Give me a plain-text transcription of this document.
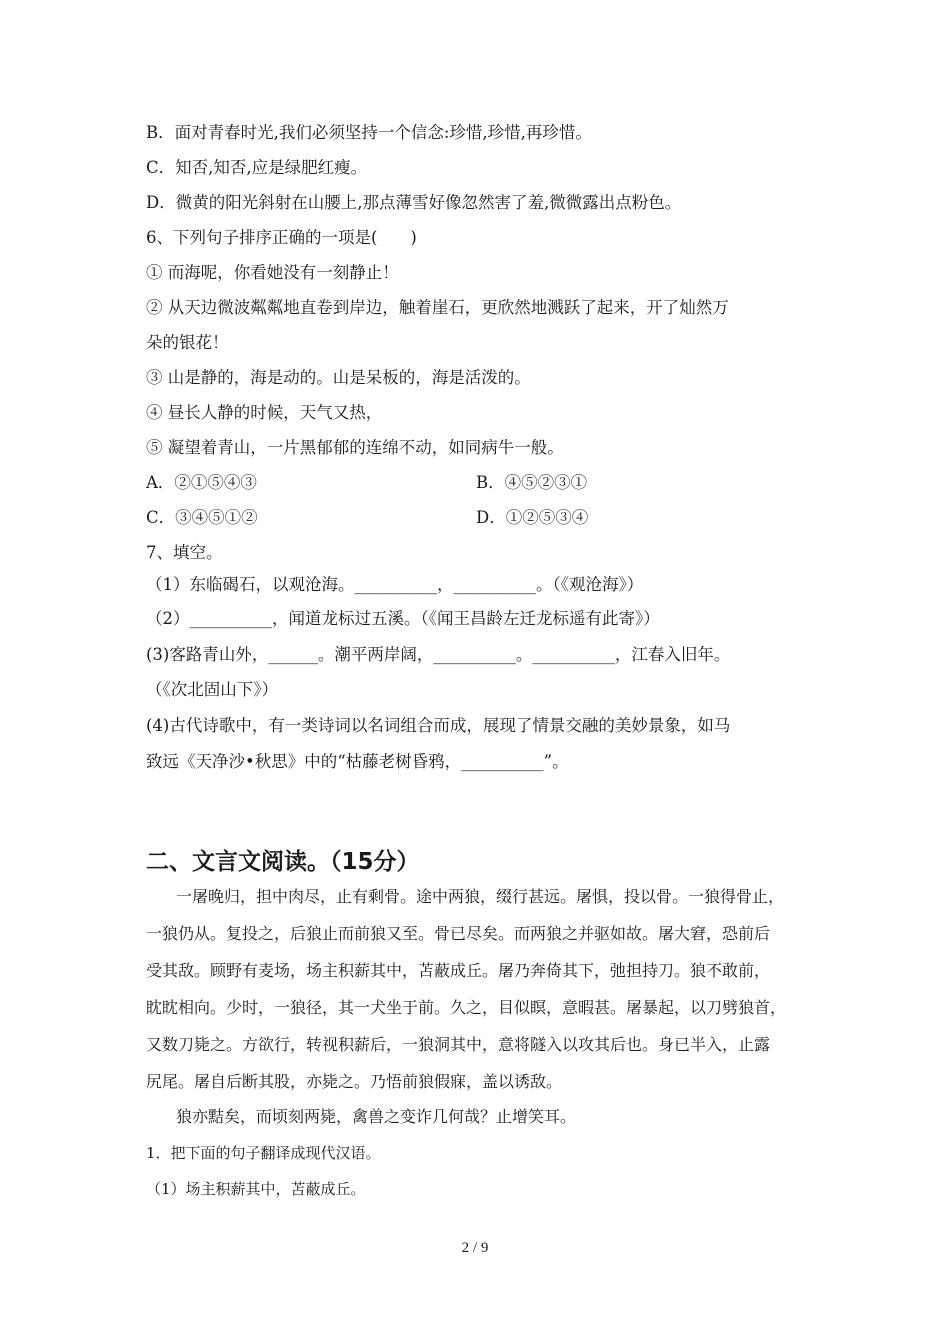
B．面对青春时光,我们必须坚持一个信念:珍惜,珍惜,再珍惜。
C．知否,知否,应是绿肥红瘦。
D．微黄的阳光斜射在山腰上,那点薄雪好像忽然害了羞,微微露出点粉色。
6、下列句子排序正确的一项是(　　)
① 而海呢，你看她没有一刻静止！
② 从天边微波粼粼地直卷到岸边，触着崖石，更欣然地溅跃了起来，开了灿然万
朵的银花！
③ 山是静的，海是动的。山是呆板的，海是活泼的。
④ 昼长人静的时候，天气又热，
⑤ 凝望着青山，一片黑郁郁的连绵不动，如同病牛一般。
A．②①⑤④③	B．④⑤②③①
C．③④⑤①②	D．①②⑤③④
7、填空。
（1）东临碣石，以观沧海。__________，__________。（《观沧海》）
（2）__________，闻道龙标过五溪。（《闻王昌龄左迁龙标遥有此寄》）
(3)客路青山外，______。潮平两岸阔，__________。__________，江春入旧年。
（《次北固山下》）
(4)古代诗歌中，有一类诗词以名词组合而成，展现了情景交融的美妙景象，如马
致远《天净沙•秋思》中的“枯藤老树昏鸦，__________”。
二、文言文阅读。（15分）
一屠晚归，担中肉尽，止有剩骨。途中两狼，缀行甚远。屠惧，投以骨。一狼得骨止，
一狼仍从。复投之，后狼止而前狼又至。骨已尽矣。而两狼之并驱如故。屠大窘，恐前后
受其敌。顾野有麦场，场主积薪其中，苫蔽成丘。屠乃奔倚其下，弛担持刀。狼不敢前，
眈眈相向。少时，一狼径，其一犬坐于前。久之，目似瞑，意暇甚。屠暴起，以刀劈狼首，
又数刀毙之。方欲行，转视积薪后，一狼洞其中，意将隧入以攻其后也。身已半入，止露
尻尾。屠自后断其股，亦毙之。乃悟前狼假寐，盖以诱敌。
狼亦黠矣，而顷刻两毙，禽兽之变诈几何哉？止增笑耳。
1．把下面的句子翻译成现代汉语。
（1）场主积薪其中，苫蔽成丘。
2 / 9
